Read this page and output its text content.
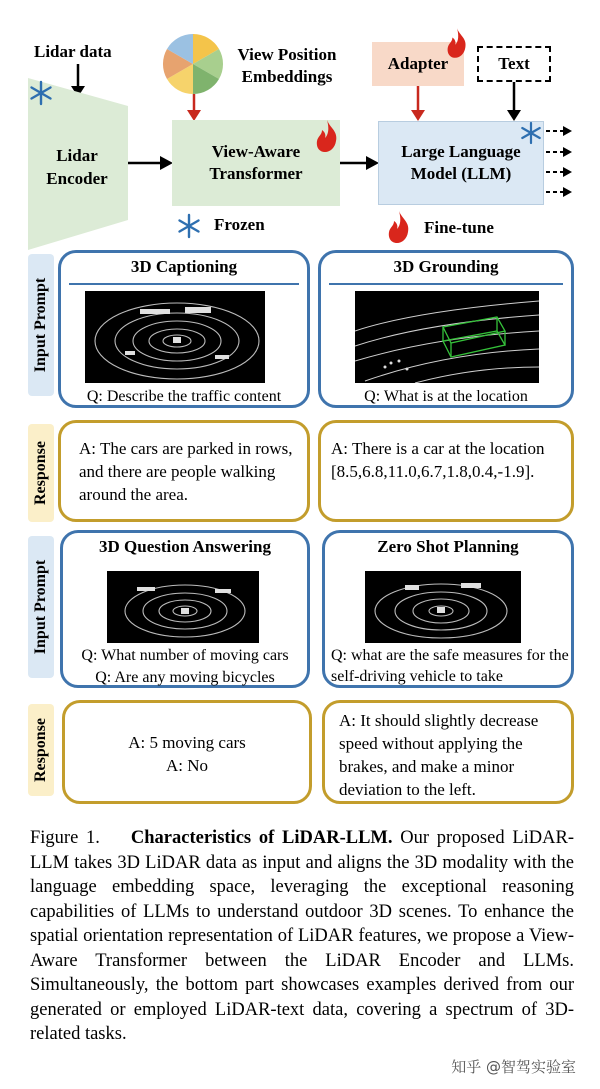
Lidar data
Lidar
Encoder
View Position
Embeddings
View-Aware
Transformer
Adapter	Text
Large Language
Model (LLM)
Frozen	Fine-tune
Input Prompt
Response
Input Prompt
Response
3D Captioning
Q: Describe the traffic content
3D Grounding
Q: What is at the location
A: The cars are parked in rows, and there are people walking around the area.
A: There is a car at the location [8.5,6.8,11.0,6.7,1.8,0.4,-1.9].
3D Question Answering
Q: What number of moving cars
Q: Are any moving bicycles
Zero Shot Planning
Q: what are the safe measures for the self-driving vehicle to take
A: 5 moving cars
A: No
A: It should slightly decrease speed without applying the brakes, and make a minor deviation to the left.
Figure 1. Characteristics of LiDAR-LLM. Our proposed LiDAR-LLM takes 3D LiDAR data as input and aligns the 3D modality with the language embedding space, leveraging the exceptional reasoning capabilities of LLMs to understand outdoor 3D scenes. To enhance the spatial orientation representation of LiDAR features, we propose a View-Aware Transformer between the LiDAR Encoder and LLMs. Simultaneously, the bottom part showcases examples derived from our generated or employed LiDAR-text data, covering a spectrum of 3D-related tasks.
知乎 @智驾实验室
